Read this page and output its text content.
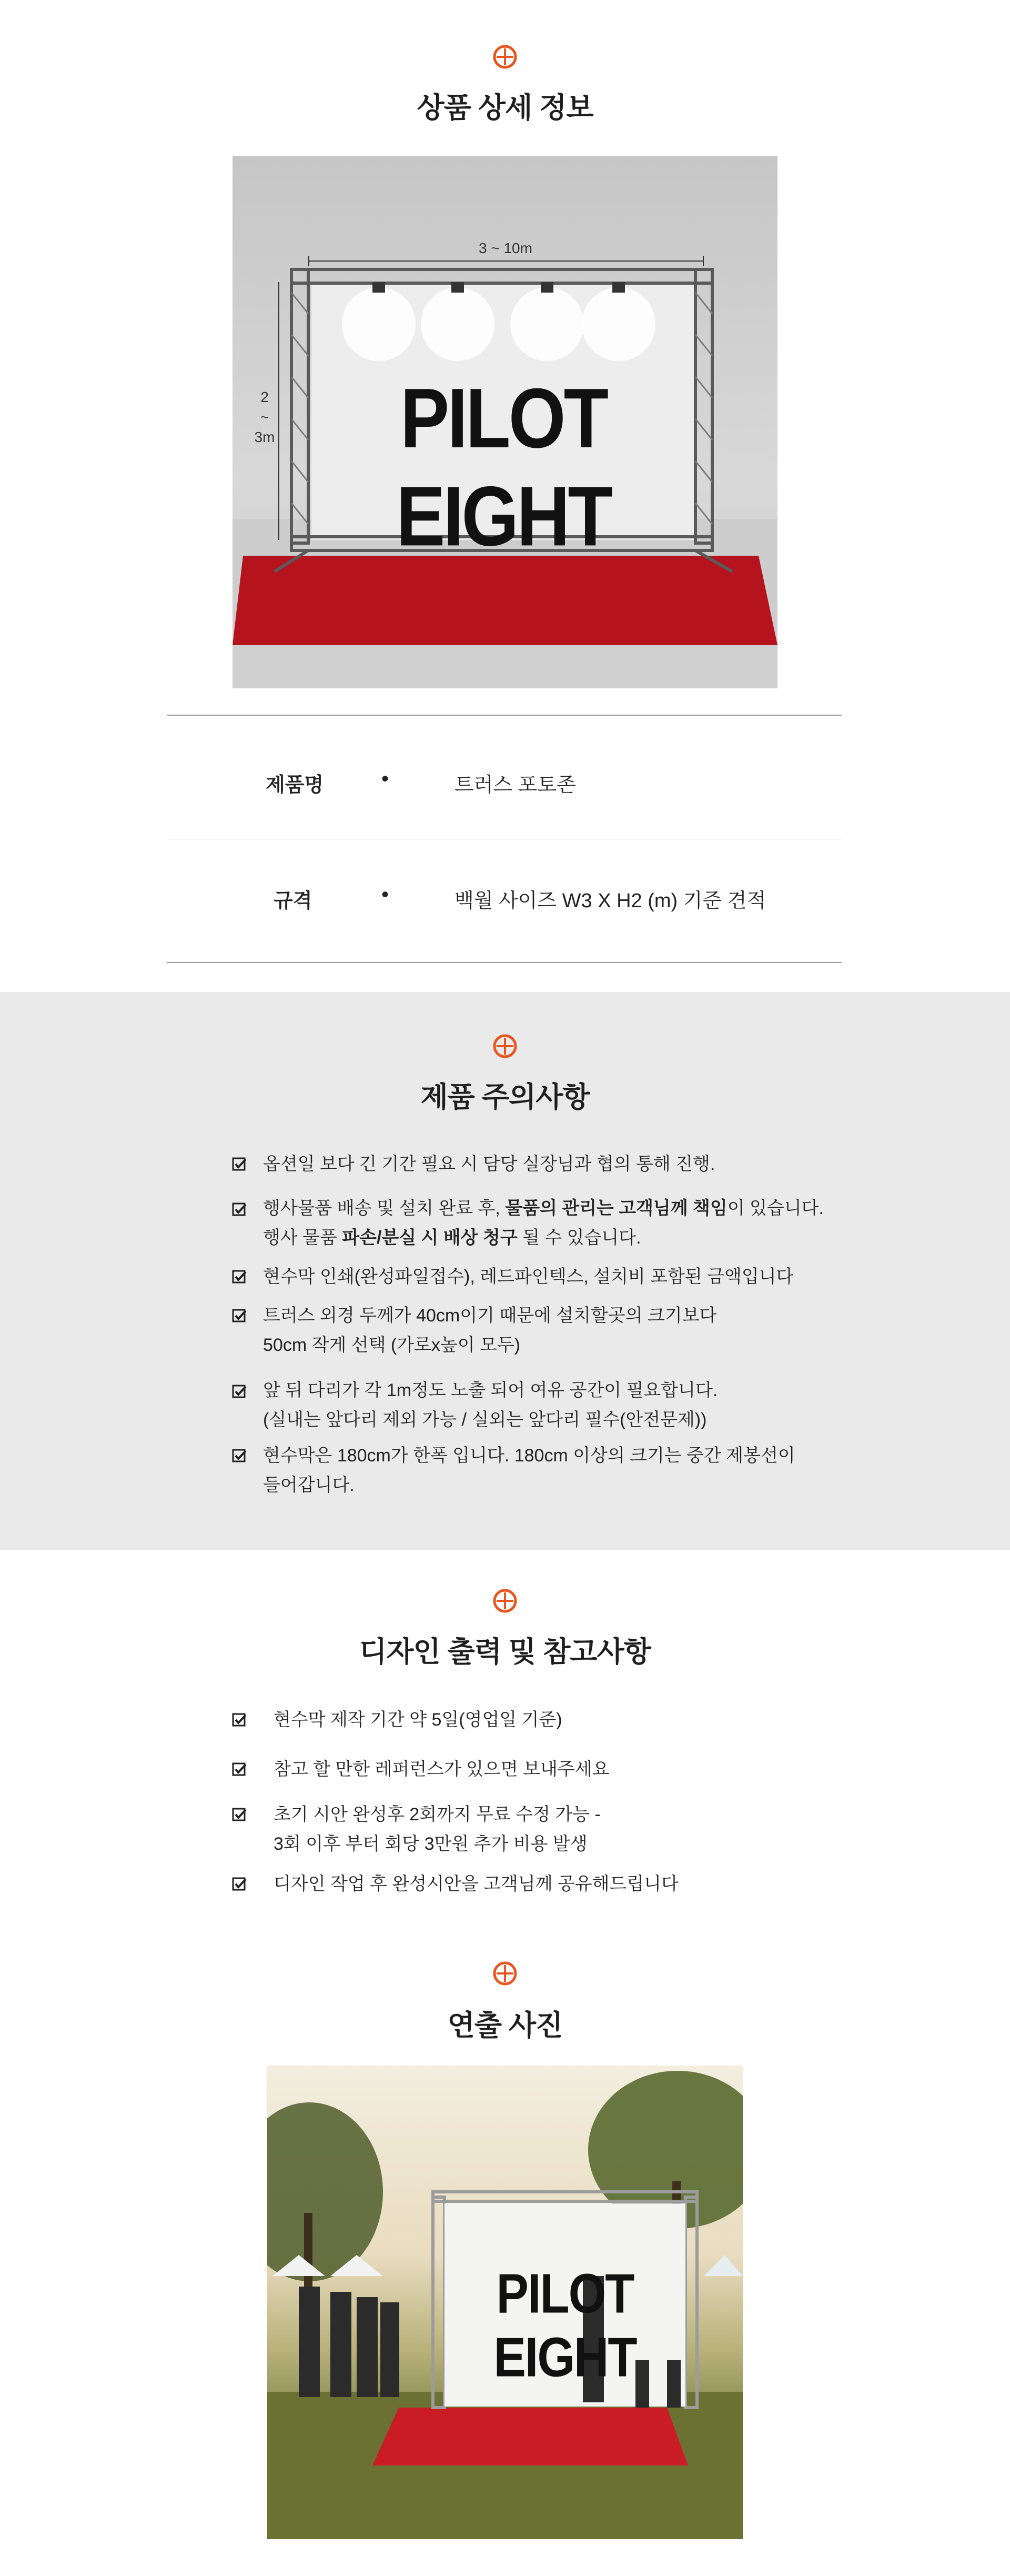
상품 상세 정보
3 ~ 10m
2
~
3m	PILOT EIGHT
제품명	•	트러스 포토존
규격	•	백월 사이즈 W3 X H2 (m) 기준 견적
제품 주의사항
옵션일 보다 긴 기간 필요 시 담당 실장님과 협의 통해 진행.
행사물품 배송 및 설치 완료 후, 물품의 관리는 고객님께 책임이 있습니다.
행사 물품 파손/분실 시 배상 청구 될 수 있습니다.
현수막 인쇄(완성파일접수), 레드파인텍스, 설치비 포함된 금액입니다
트러스 외경 두께가 40cm이기 때문에 설치할곳의 크기보다
50cm 작게 선택 (가로x높이 모두)
앞 뒤 다리가 각 1m정도 노출 되어 여유 공간이 필요합니다.
(실내는 앞다리 제외 가능 / 실외는 앞다리 필수(안전문제))
현수막은 180cm가 한폭 입니다. 180cm 이상의 크기는 중간 제봉선이
들어갑니다.
디자인 출력 및 참고사항
현수막 제작 기간 약 5일(영업일 기준)
참고 할 만한 레퍼런스가 있으면 보내주세요
초기 시안 완성후 2회까지 무료 수정 가능 -
3회 이후 부터 회당 3만원 추가 비용 발생
디자인 작업 후 완성시안을 고객님께 공유해드립니다
연출 사진
PILOT EIGHT
